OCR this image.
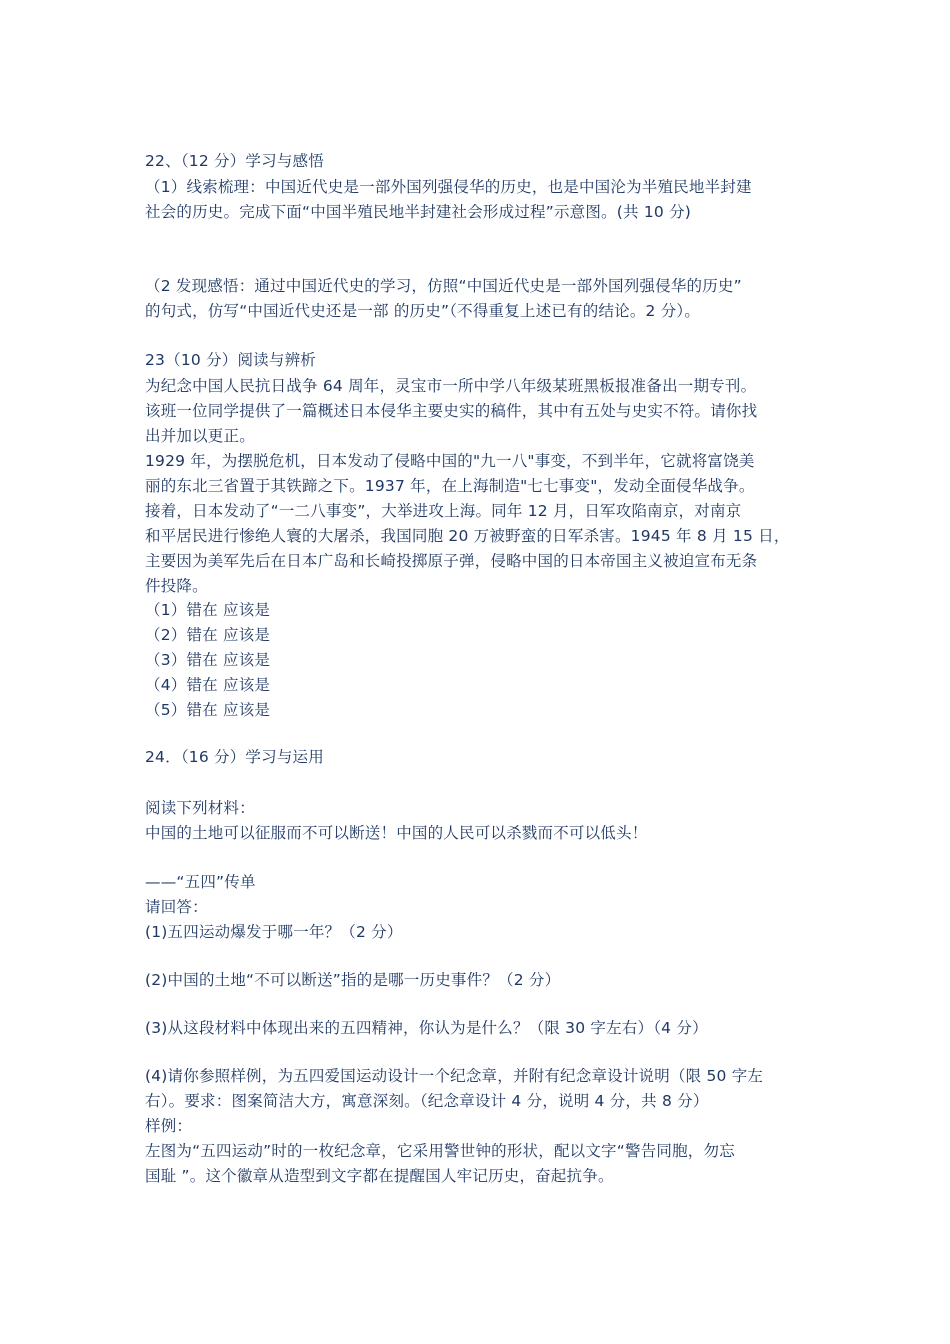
22、（12 分）学习与感悟
（1）线索梳理：中国近代史是一部外国列强侵华的历史，也是中国沦为半殖民地半封建
社会的历史。完成下面“中国半殖民地半封建社会形成过程”示意图。(共 10 分)
（2 发现感悟：通过中国近代史的学习，仿照“中国近代史是一部外国列强侵华的历史”
的句式，仿写“中国近代史还是一部 的历史”（不得重复上述已有的结论。2 分）。
23（10 分）阅读与辨析
为纪念中国人民抗日战争 64 周年，灵宝市一所中学八年级某班黑板报准备出一期专刊。
该班一位同学提供了一篇概述日本侵华主要史实的稿件，其中有五处与史实不符。请你找
出并加以更正。
1929 年，为摆脱危机，日本发动了侵略中国的"九一八"事变，不到半年，它就将富饶美
丽的东北三省置于其铁蹄之下。1937 年，在上海制造"七七事变"，发动全面侵华战争。
接着，日本发动了“一二八事变”，大举进攻上海。同年 12 月，日军攻陷南京，对南京
和平居民进行惨绝人寰的大屠杀，我国同胞 20 万被野蛮的日军杀害。1945 年 8 月 15 日，
主要因为美军先后在日本广岛和长崎投掷原子弹，侵略中国的日本帝国主义被迫宣布无条
件投降。
（1）错在 应该是
（2）错在 应该是
（3）错在 应该是
（4）错在 应该是
（5）错在 应该是
24．（16 分）学习与运用
阅读下列材料：
中国的土地可以征服而不可以断送！中国的人民可以杀戮而不可以低头！
——“五四”传单
请回答：
(1)五四运动爆发于哪一年？（2 分）
(2)中国的土地“不可以断送”指的是哪一历史事件？（2 分）
(3)从这段材料中体现出来的五四精神，你认为是什么？（限 30 字左右）（4 分）
(4)请你参照样例，为五四爱国运动设计一个纪念章，并附有纪念章设计说明（限 50 字左
右）。要求：图案简洁大方，寓意深刻。（纪念章设计 4 分，说明 4 分，共 8 分）
样例：
左图为“五四运动”时的一枚纪念章，它采用警世钟的形状，配以文字“警告同胞，勿忘
国耻 ”。这个徽章从造型到文字都在提醒国人牢记历史，奋起抗争。
